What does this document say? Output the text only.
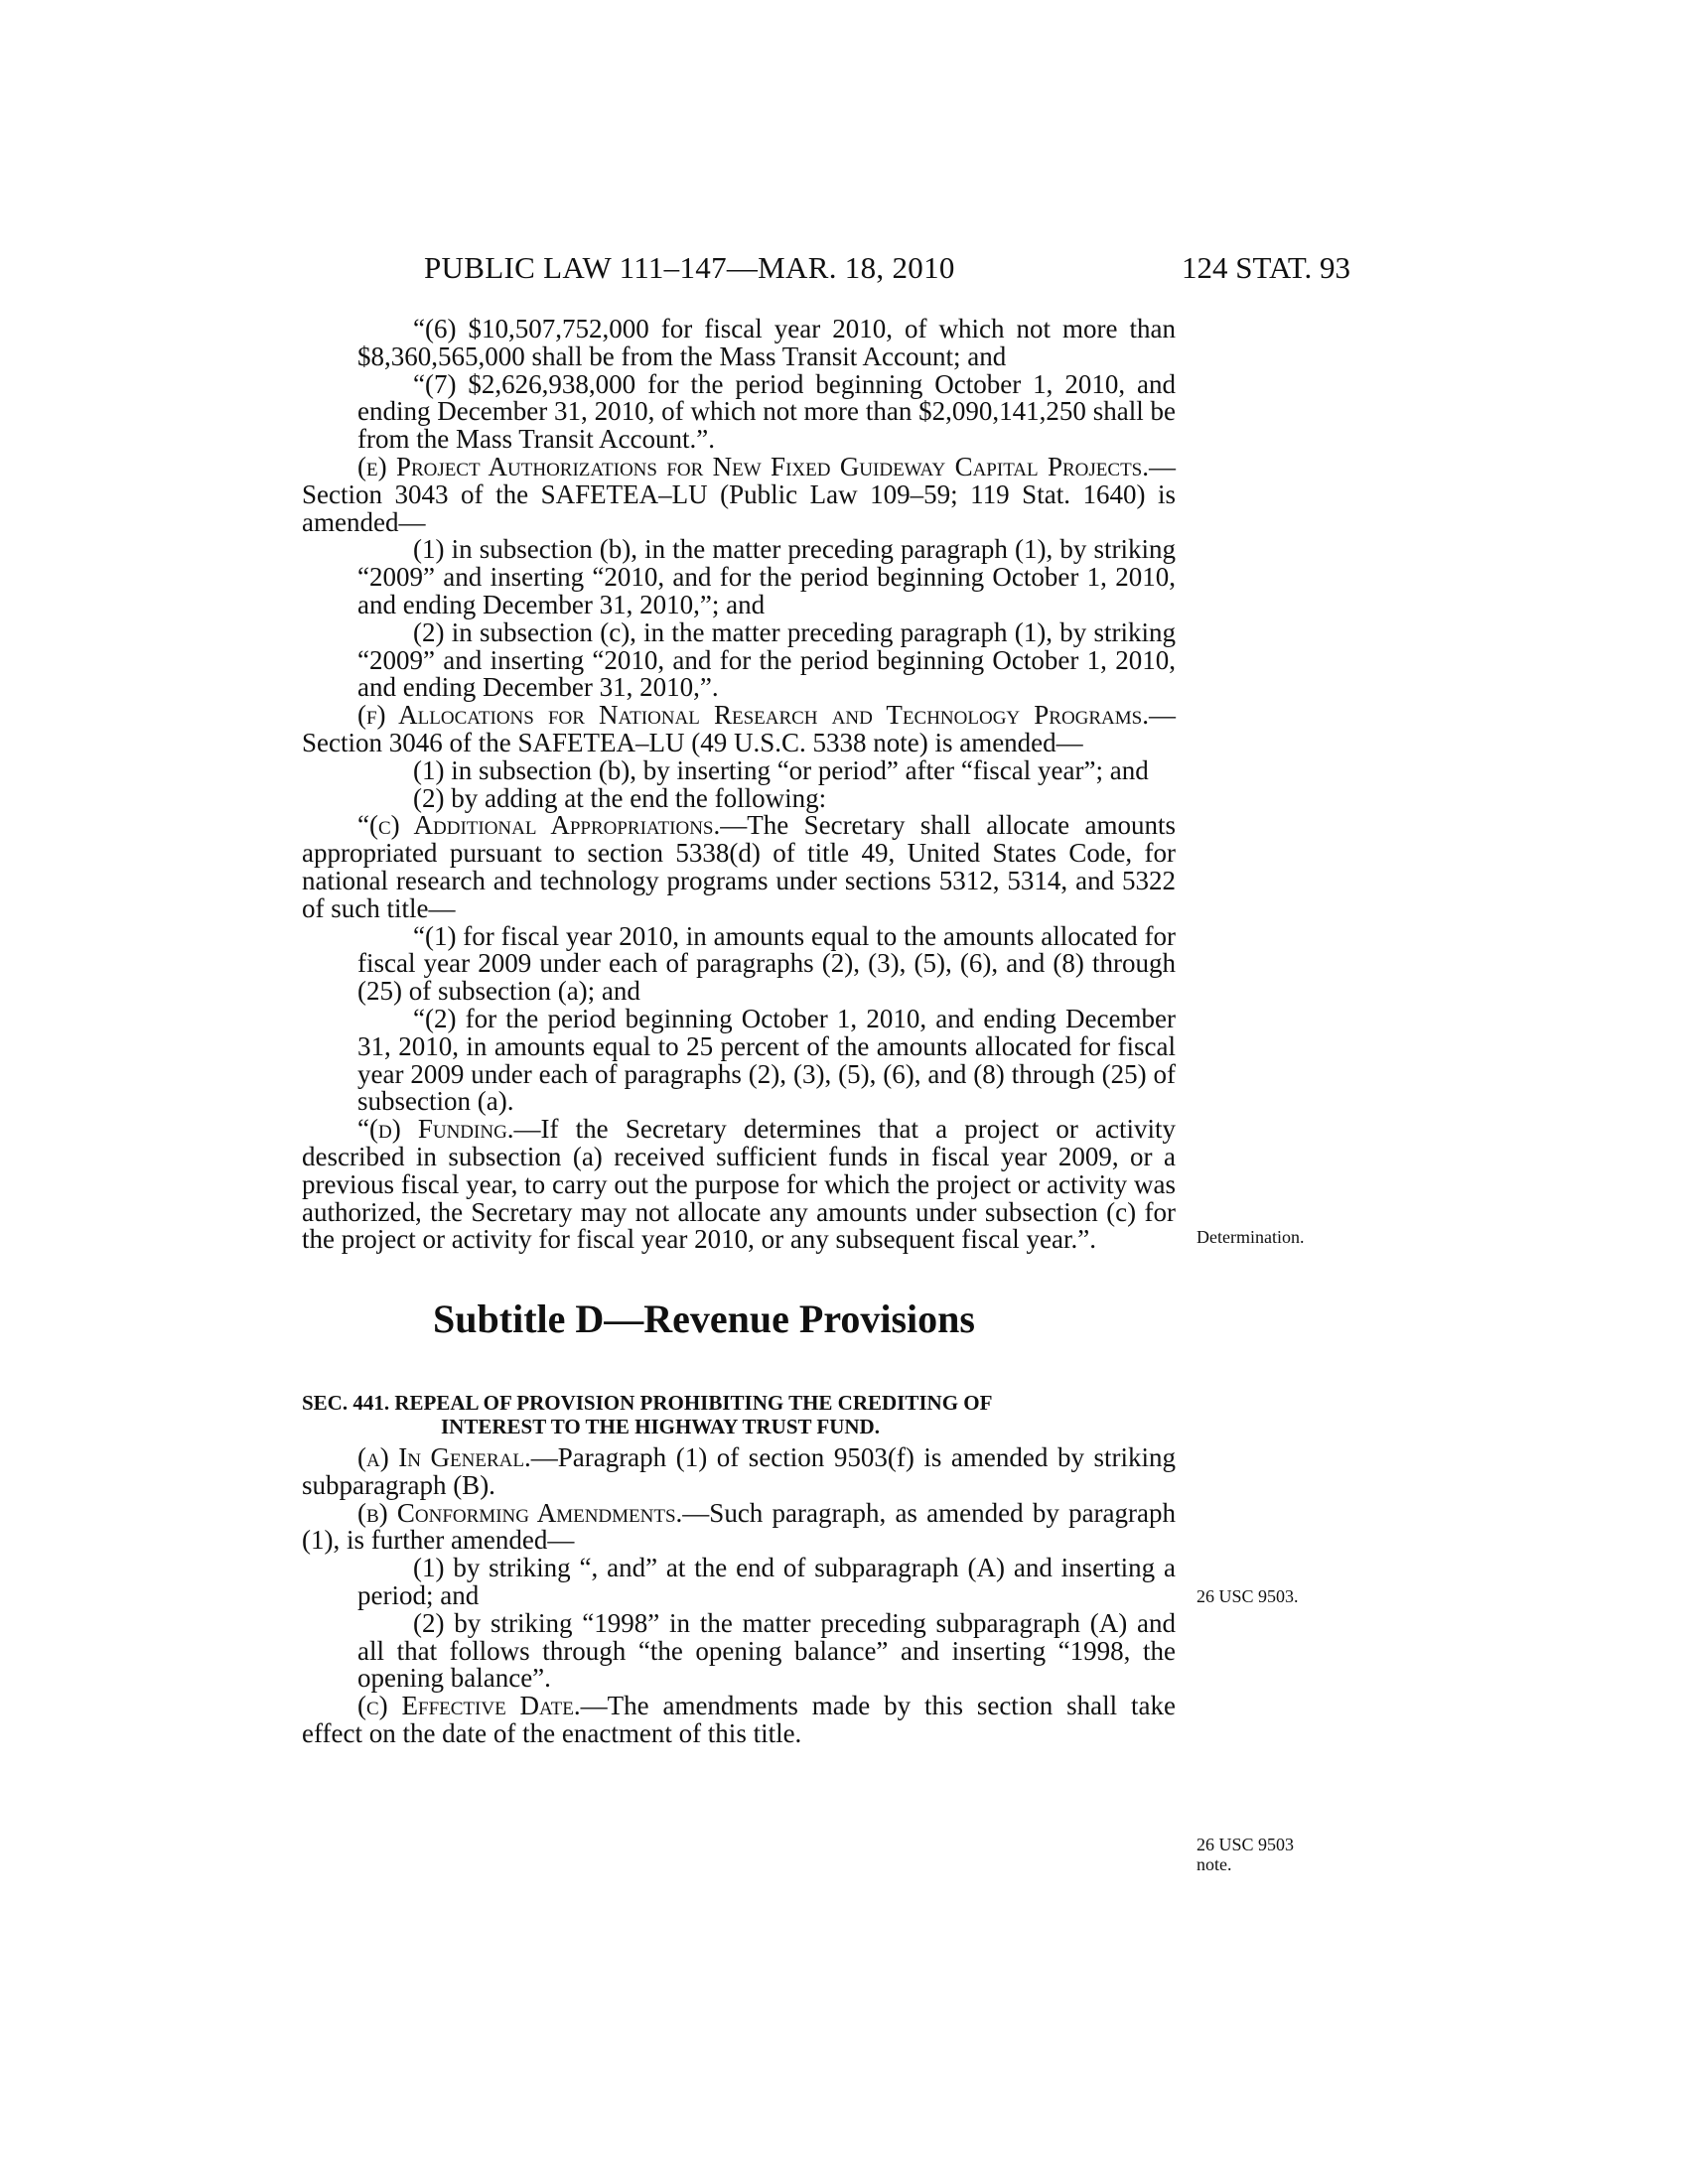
PUBLIC LAW 111–147—MAR. 18, 2010	124 STAT. 93

“(6) $10,507,752,000 for fiscal year 2010, of which not more than $8,360,565,000 shall be from the Mass Transit Account; and

“(7) $2,626,938,000 for the period beginning October 1, 2010, and ending December 31, 2010, of which not more than $2,090,141,250 shall be from the Mass Transit Account.”.

(e) Project Authorizations for New Fixed Guideway Capital Projects.—Section 3043 of the SAFETEA–LU (Public Law 109–59; 119 Stat. 1640) is amended—

(1) in subsection (b), in the matter preceding paragraph (1), by striking “2009” and inserting “2010, and for the period beginning October 1, 2010, and ending December 31, 2010,”; and

(2) in subsection (c), in the matter preceding paragraph (1), by striking “2009” and inserting “2010, and for the period beginning October 1, 2010, and ending December 31, 2010,”.

(f) Allocations for National Research and Technology Programs.—Section 3046 of the SAFETEA–LU (49 U.S.C. 5338 note) is amended—

(1) in subsection (b), by inserting “or period” after “fiscal year”; and

(2) by adding at the end the following:

“(c) Additional Appropriations.—The Secretary shall allocate amounts appropriated pursuant to section 5338(d) of title 49, United States Code, for national research and technology programs under sections 5312, 5314, and 5322 of such title—

“(1) for fiscal year 2010, in amounts equal to the amounts allocated for fiscal year 2009 under each of paragraphs (2), (3), (5), (6), and (8) through (25) of subsection (a); and

“(2) for the period beginning October 1, 2010, and ending December 31, 2010, in amounts equal to 25 percent of the amounts allocated for fiscal year 2009 under each of paragraphs (2), (3), (5), (6), and (8) through (25) of subsection (a).

“(d) Funding.—If the Secretary determines that a project or activity described in subsection (a) received sufficient funds in fiscal year 2009, or a previous fiscal year, to carry out the purpose for which the project or activity was authorized, the Secretary may not allocate any amounts under subsection (c) for the project or activity for fiscal year 2010, or any subsequent fiscal year.”.

Subtitle D—Revenue Provisions
SEC. 441. REPEAL OF PROVISION PROHIBITING THE CREDITING OF
INTEREST TO THE HIGHWAY TRUST FUND.

(a) In General.—Paragraph (1) of section 9503(f) is amended by striking subparagraph (B).

(b) Conforming Amendments.—Such paragraph, as amended by paragraph (1), is further amended—

(1) by striking “, and” at the end of subparagraph (A) and inserting a period; and

(2) by striking “1998” in the matter preceding subparagraph (A) and all that follows through “the opening balance” and inserting “1998, the opening balance”.

(c) Effective Date.—The amendments made by this section shall take effect on the date of the enactment of this title.

Determination.
26 USC 9503.
26 USC 9503
note.
